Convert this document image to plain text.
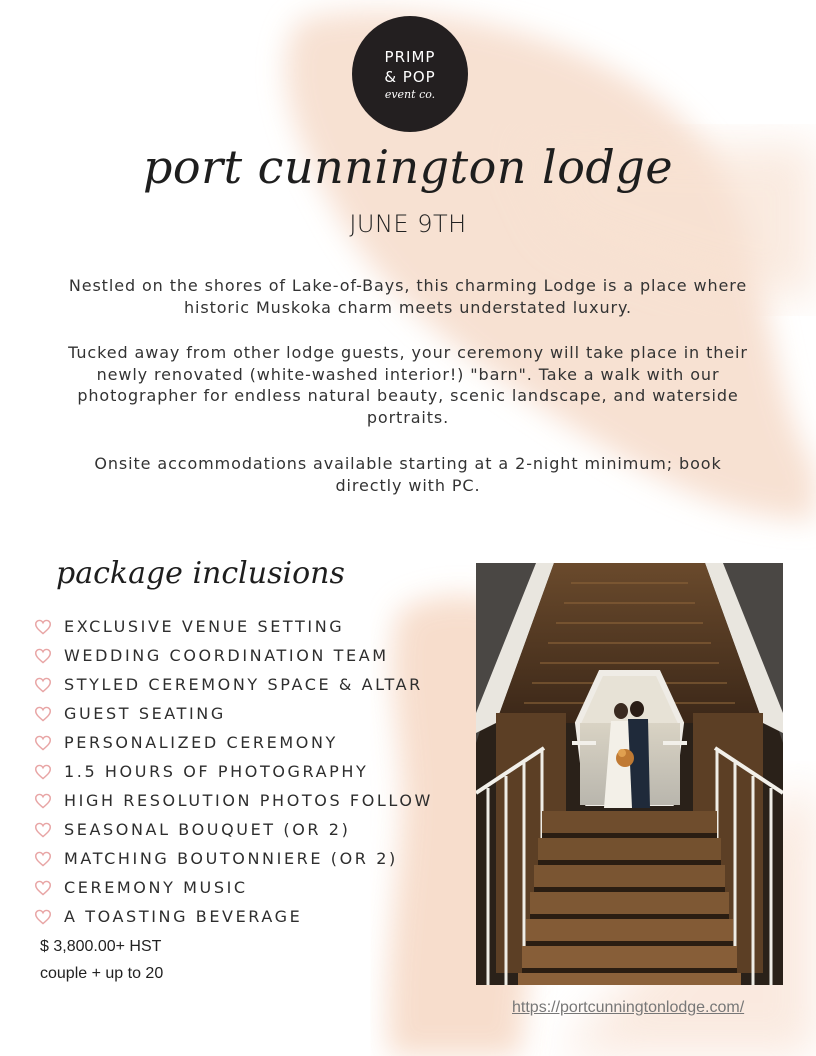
PRIMP
& POP
event co.
port cunnington lodge
JUNE 9TH
Nestled on the shores of Lake-of-Bays, this charming Lodge is a place where historic Muskoka charm meets understated luxury.
Tucked away from other lodge guests, your ceremony will take place in their newly renovated (white-washed interior!) "barn". Take a walk with our photographer for endless natural beauty, scenic landscape, and waterside portraits.
Onsite accommodations available starting at a 2-night minimum; book directly with PC.
package inclusions
EXCLUSIVE VENUE SETTING
WEDDING COORDINATION TEAM
STYLED CEREMONY SPACE & ALTAR
GUEST SEATING
PERSONALIZED CEREMONY
1.5 HOURS OF PHOTOGRAPHY
HIGH RESOLUTION PHOTOS FOLLOW
SEASONAL BOUQUET (OR 2)
MATCHING BOUTONNIERE (OR 2)
CEREMONY MUSIC
A TOASTING BEVERAGE
$ 3,800.00+ HST
couple + up to 20
https://portcunningtonlodge.com/
